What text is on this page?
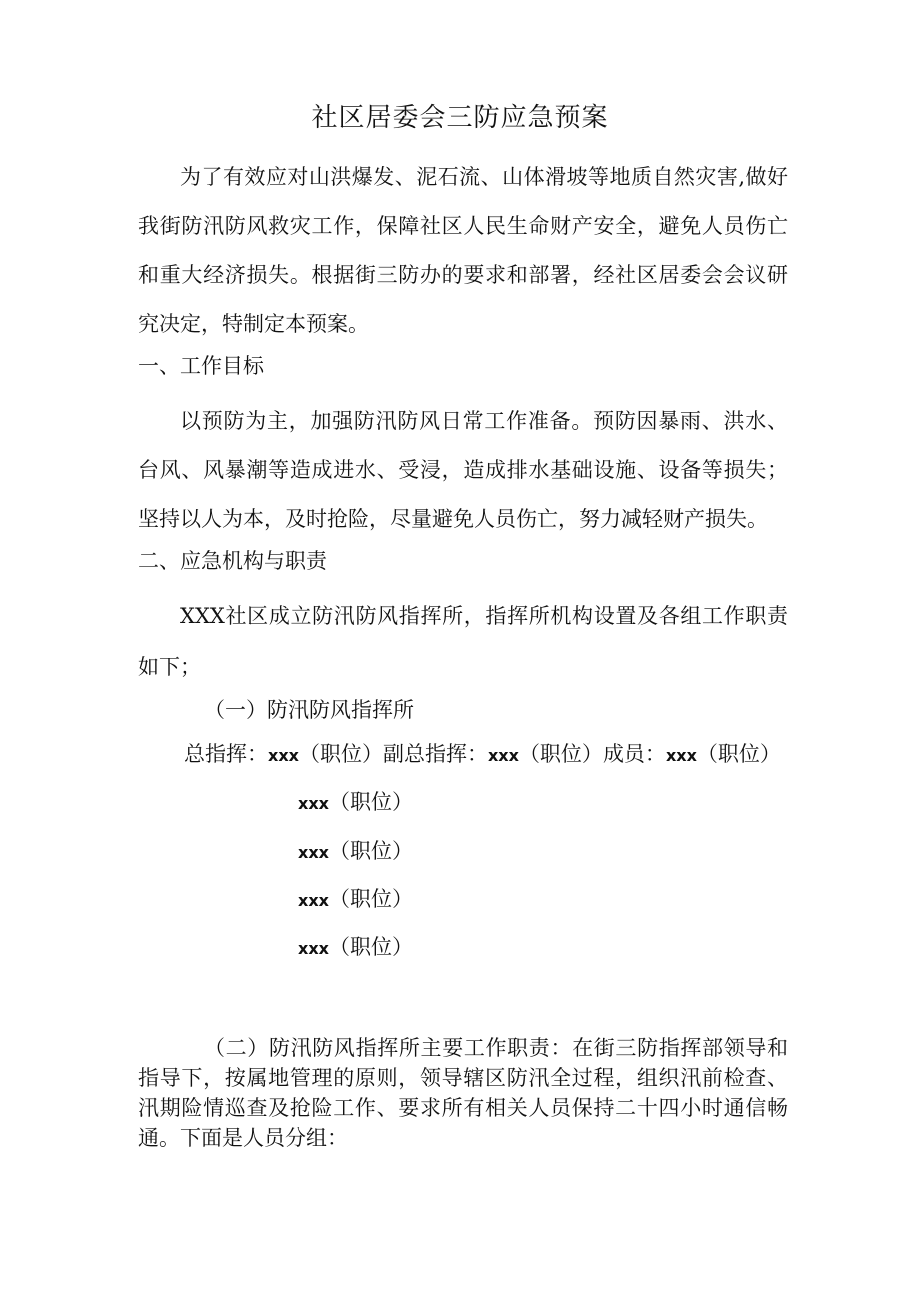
社区居委会三防应急预案

为了有效应对山洪爆发、泥石流、山体滑坡等地质自然灾害,做好我街防汛防风救灾工作，保障社区人民生命财产安全，避免人员伤亡和重大经济损失。根据街三防办的要求和部署，经社区居委会会议研究决定，特制定本预案。

一、工作目标

以预防为主，加强防汛防风日常工作准备。预防因暴雨、洪水、台风、风暴潮等造成进水、受浸，造成排水基础设施、设备等损失；坚持以人为本，及时抢险，尽量避免人员伤亡，努力减轻财产损失。

二、应急机构与职责

XXX社区成立防汛防风指挥所，指挥所机构设置及各组工作职责如下；

（一）防汛防风指挥所

总指挥：xxx（职位）副总指挥：xxx（职位）成员：xxx（职位）

xxx（职位）

xxx（职位）

xxx（职位）

xxx（职位）

（二）防汛防风指挥所主要工作职责：在街三防指挥部领导和指导下，按属地管理的原则，领导辖区防汛全过程，组织汛前检查、汛期险情巡查及抢险工作、要求所有相关人员保持二十四小时通信畅通。下面是人员分组：
